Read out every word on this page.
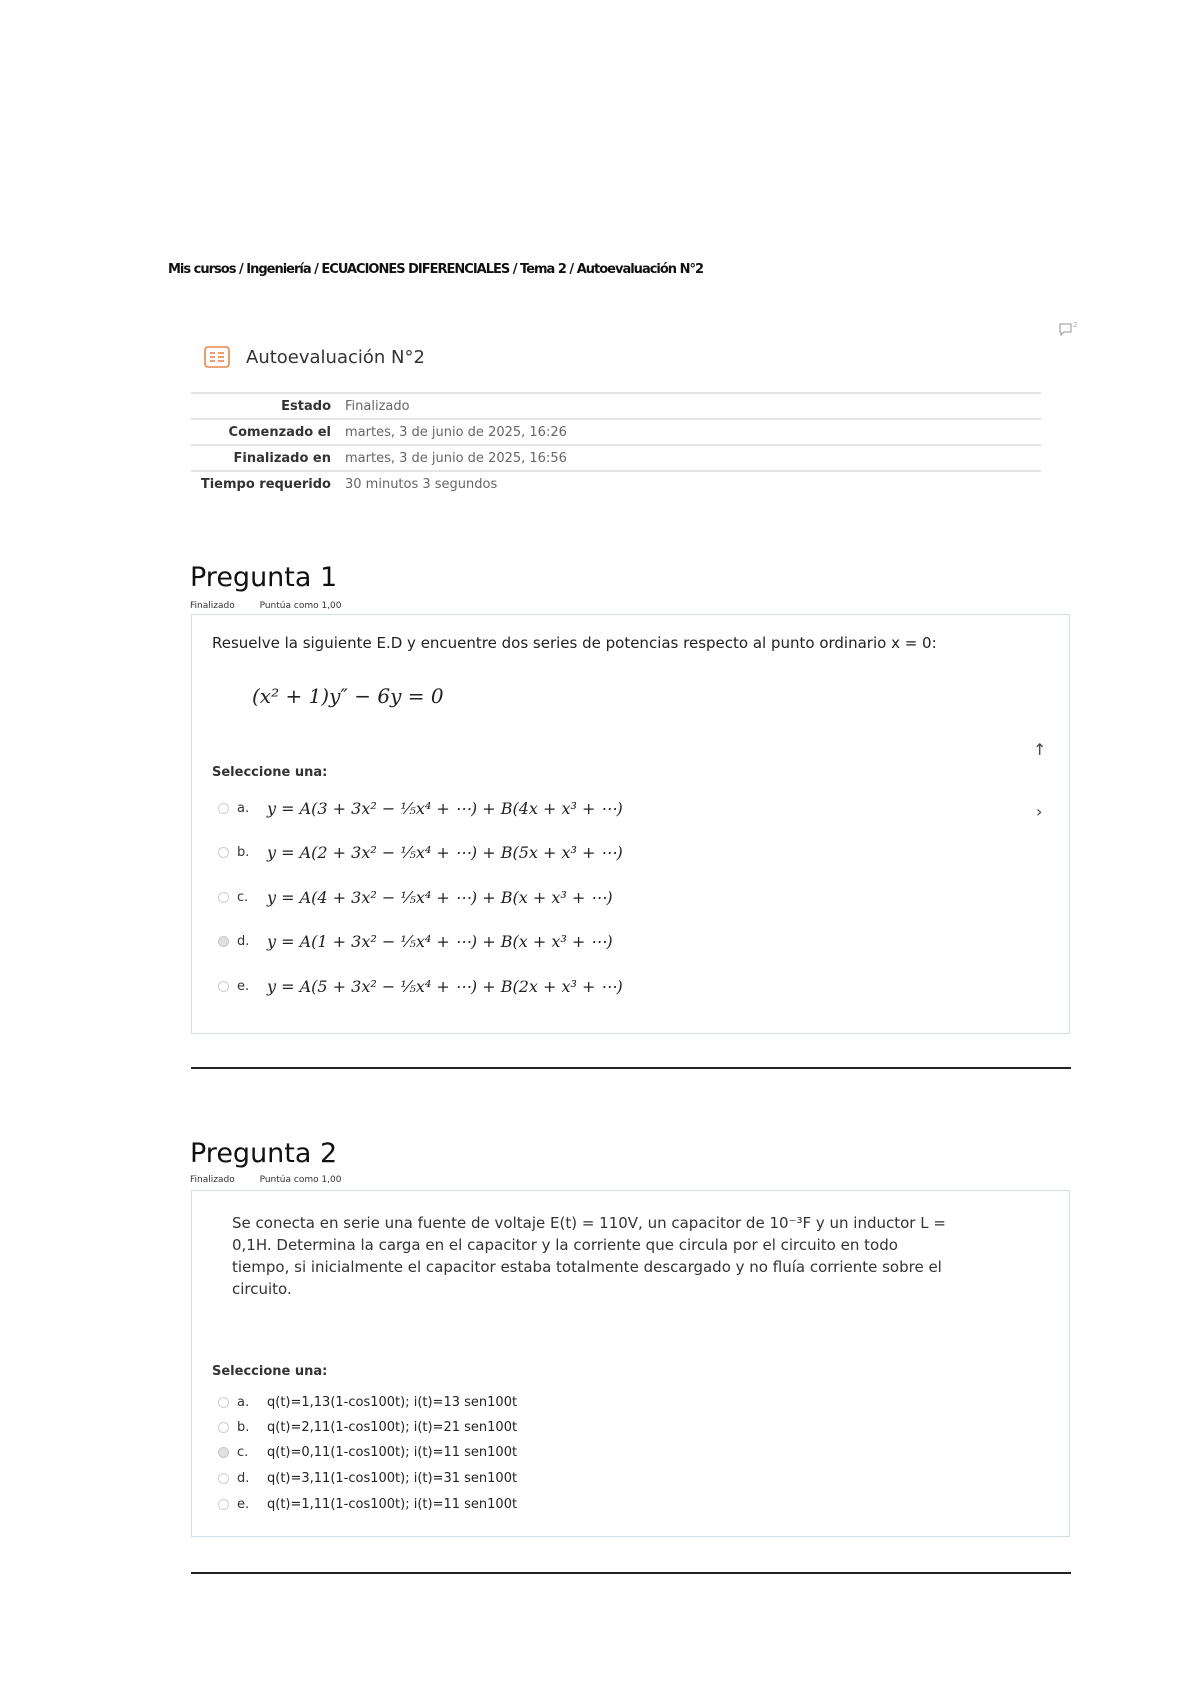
Mis cursos / Ingeniería / ECUACIONES DIFERENCIALES / Tema 2 / Autoevaluación N°2
2
Autoevaluación N°2
Estado	Finalizado
Comenzado el	martes, 3 de junio de 2025, 16:26
Finalizado en	martes, 3 de junio de 2025, 16:56
Tiempo requerido	30 minutos 3 segundos
Pregunta 1
Finalizado	Puntúa como 1,00
Resuelve la siguiente E.D y encuentre dos series de potencias respecto al punto ordinario x = 0:
(x² + 1)y″ − 6y = 0
Seleccione una:
↑
›
a.	y = A(3 + 3x² − ⅕x⁴ + ⋯) + B(4x + x³ + ⋯)
b.	y = A(2 + 3x² − ⅕x⁴ + ⋯) + B(5x + x³ + ⋯)
c.	y = A(4 + 3x² − ⅕x⁴ + ⋯) + B(x + x³ + ⋯)
d.	y = A(1 + 3x² − ⅕x⁴ + ⋯) + B(x + x³ + ⋯)
e.	y = A(5 + 3x² − ⅕x⁴ + ⋯) + B(2x + x³ + ⋯)
Pregunta 2
Finalizado	Puntúa como 1,00
Se conecta en serie una fuente de voltaje E(t) = 110V, un capacitor de 10⁻³F y un inductor L = 0,1H. Determina la carga en el capacitor y la corriente que circula por el circuito en todo tiempo, si inicialmente el capacitor estaba totalmente descargado y no fluía corriente sobre el circuito.
Seleccione una:
a.	q(t)=1,13(1-cos100t); i(t)=13 sen100t
b.	q(t)=2,11(1-cos100t); i(t)=21 sen100t
c.	q(t)=0,11(1-cos100t); i(t)=11 sen100t
d.	q(t)=3,11(1-cos100t); i(t)=31 sen100t
e.	q(t)=1,11(1-cos100t); i(t)=11 sen100t
